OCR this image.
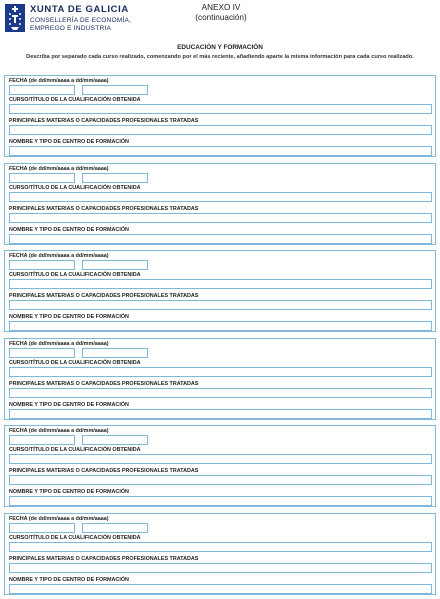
XUNTA DE GALICIA
CONSELLERÍA DE ECONOMÍA,
EMPREGO E INDUSTRIA
ANEXO IV
(continuación)
EDUCACIÓN Y FORMACIÓN
Describa por separado cada curso realizado, comenzando por el más reciente, añadiendo aparte la misma información para cada curso realizado.
FECHA (de dd/mm/aaaa a dd/mm/aaaa)
CURSO/TÍTULO DE LA CUALIFICACIÓN OBTENIDA
PRINCIPALES MATERIAS O CAPACIDADES PROFESIONALES TRATADAS
NOMBRE Y TIPO DE CENTRO DE FORMACIÓN
FECHA (de dd/mm/aaaa a dd/mm/aaaa)
CURSO/TÍTULO DE LA CUALIFICACIÓN OBTENIDA
PRINCIPALES MATERIAS O CAPACIDADES PROFESIONALES TRATADAS
NOMBRE Y TIPO DE CENTRO DE FORMACIÓN
FECHA (de dd/mm/aaaa a dd/mm/aaaa)
CURSO/TÍTULO DE LA CUALIFICACIÓN OBTENIDA
PRINCIPALES MATERIAS O CAPACIDADES PROFESIONALES TRATADAS
NOMBRE Y TIPO DE CENTRO DE FORMACIÓN
FECHA (de dd/mm/aaaa a dd/mm/aaaa)
CURSO/TÍTULO DE LA CUALIFICACIÓN OBTENIDA
PRINCIPALES MATERIAS O CAPACIDADES PROFESIONALES TRATADAS
NOMBRE Y TIPO DE CENTRO DE FORMACIÓN
FECHA (de dd/mm/aaaa a dd/mm/aaaa)
CURSO/TÍTULO DE LA CUALIFICACIÓN OBTENIDA
PRINCIPALES MATERIAS O CAPACIDADES PROFESIONALES TRATADAS
NOMBRE Y TIPO DE CENTRO DE FORMACIÓN
FECHA (de dd/mm/aaaa a dd/mm/aaaa)
CURSO/TÍTULO DE LA CUALIFICACIÓN OBTENIDA
PRINCIPALES MATERIAS O CAPACIDADES PROFESIONALES TRATADAS
NOMBRE Y TIPO DE CENTRO DE FORMACIÓN
